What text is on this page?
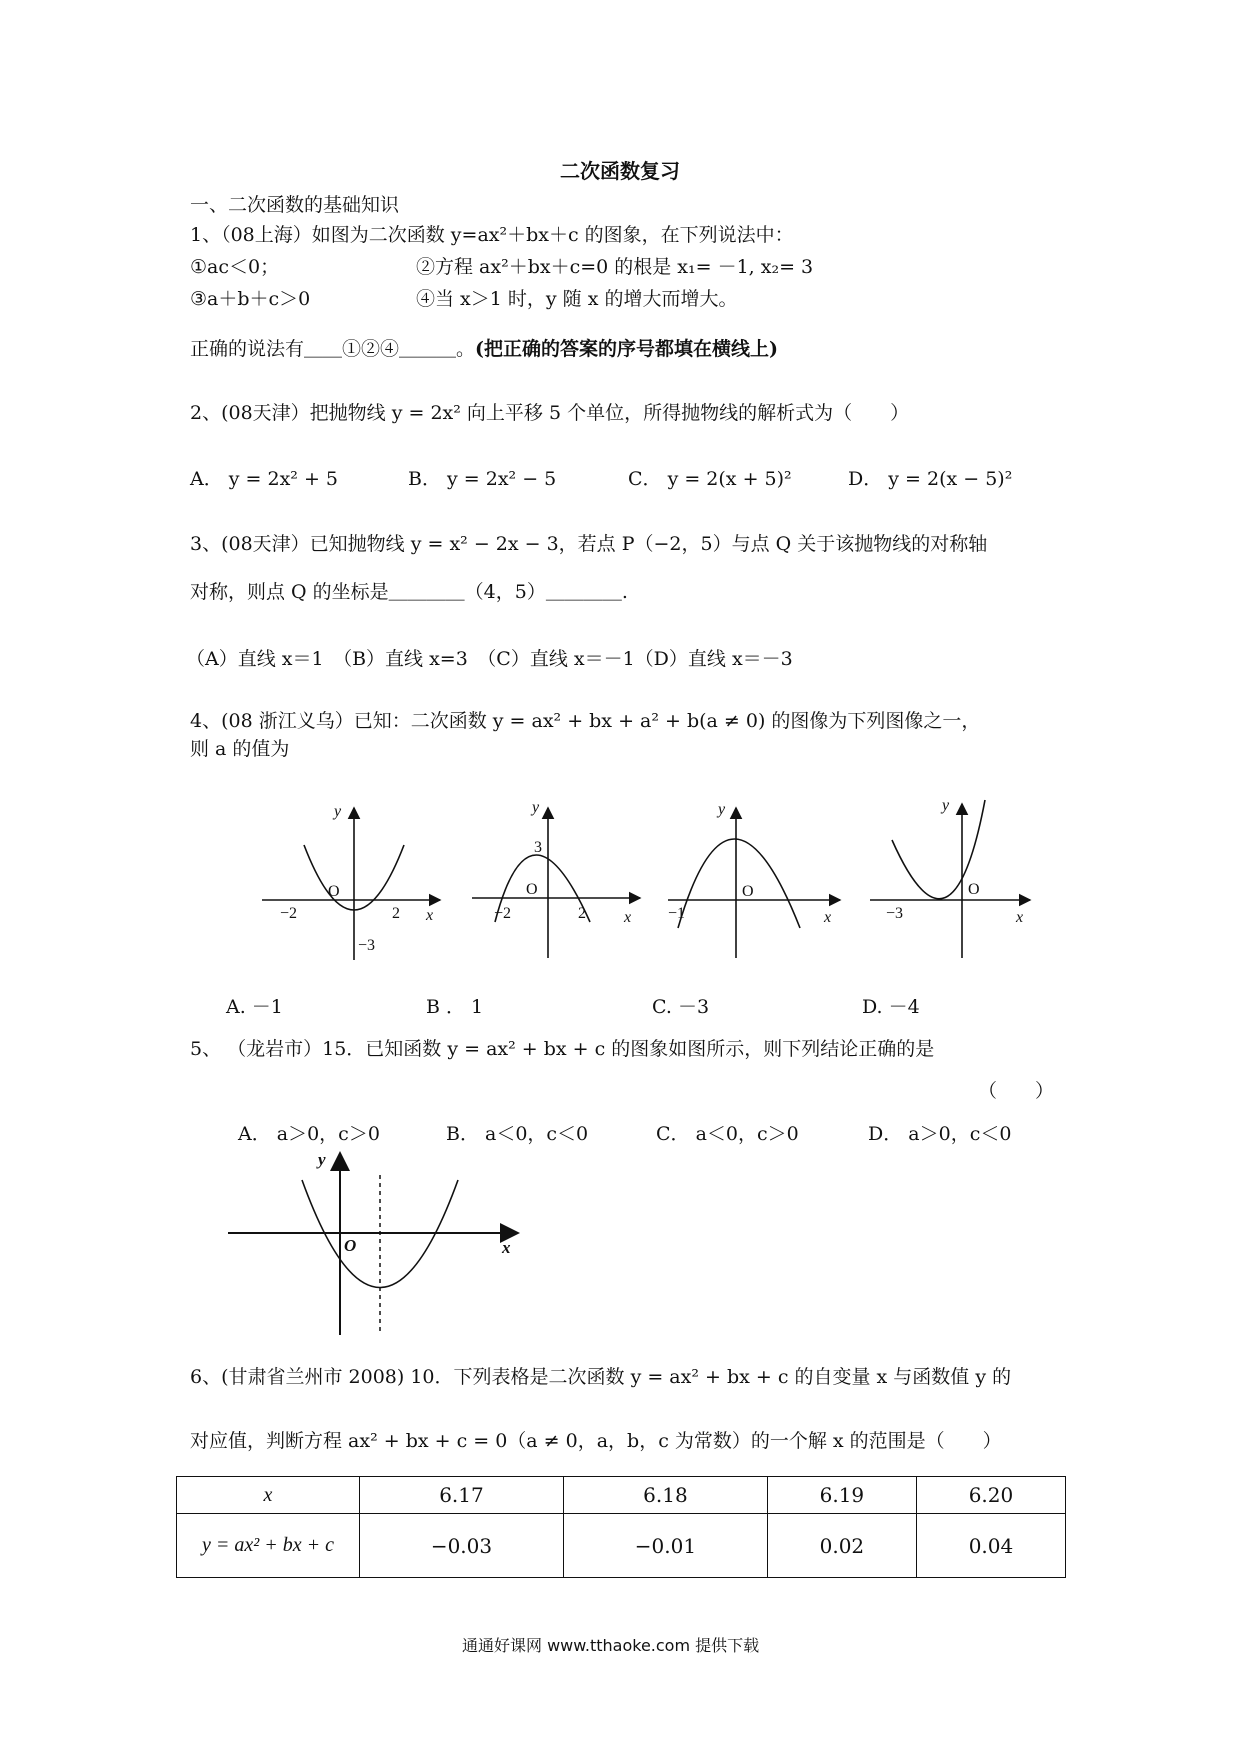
二次函数复习
一、二次函数的基础知识
1、（08上海）如图为二次函数 y=ax²＋bx＋c 的图象，在下列说法中：
①ac＜0；	②方程 ax²＋bx＋c=0 的根是 x₁= －1, x₂= 3
③a＋b＋c＞0	④当 x＞1 时，y 随 x 的增大而增大。
正确的说法有＿＿①②④＿＿＿。(把正确的答案的序号都填在横线上)
2、(08天津）把抛物线 y = 2x² 向上平移 5 个单位，所得抛物线的解析式为（　　）
A． y = 2x² + 5	B． y = 2x² − 5	C． y = 2(x + 5)²	D． y = 2(x − 5)²
3、(08天津）已知抛物线 y = x² − 2x − 3，若点 P（−2，5）与点 Q 关于该抛物线的对称轴
对称，则点 Q 的坐标是＿＿＿＿（4，5）＿＿＿＿.
（A）直线 x＝1　（B）直线 x=3　（C）直线 x＝－1（D）直线 x＝－3
4、(08 浙江义乌）已知：二次函数 y = ax² + bx + a² + b(a ≠ 0) 的图像为下列图像之一，
则 a 的值为
y
x
O
−2	2
−3
y
x
O
−2	2
3
y
x
O
−1
y
x
O
−3
A. －1	B ． 1	C. －3	D. －4
5、 （龙岩市）15．已知函数 y = ax² + bx + c 的图象如图所示，则下列结论正确的是
（　　）
A． a＞0，c＞0	B． a＜0，c＜0	C． a＜0，c＞0	D． a＞0，c＜0
y
x
O
6、(甘肃省兰州市 2008) 10．下列表格是二次函数 y = ax² + bx + c 的自变量 x 与函数值 y 的
对应值，判断方程 ax² + bx + c = 0（a ≠ 0，a，b，c 为常数）的一个解 x 的范围是（　　）
x	6.17	6.18	6.19	6.20
y = ax² + bx + c	−0.03	−0.01	0.02	0.04
通通好课网 www.tthaoke.com 提供下载
